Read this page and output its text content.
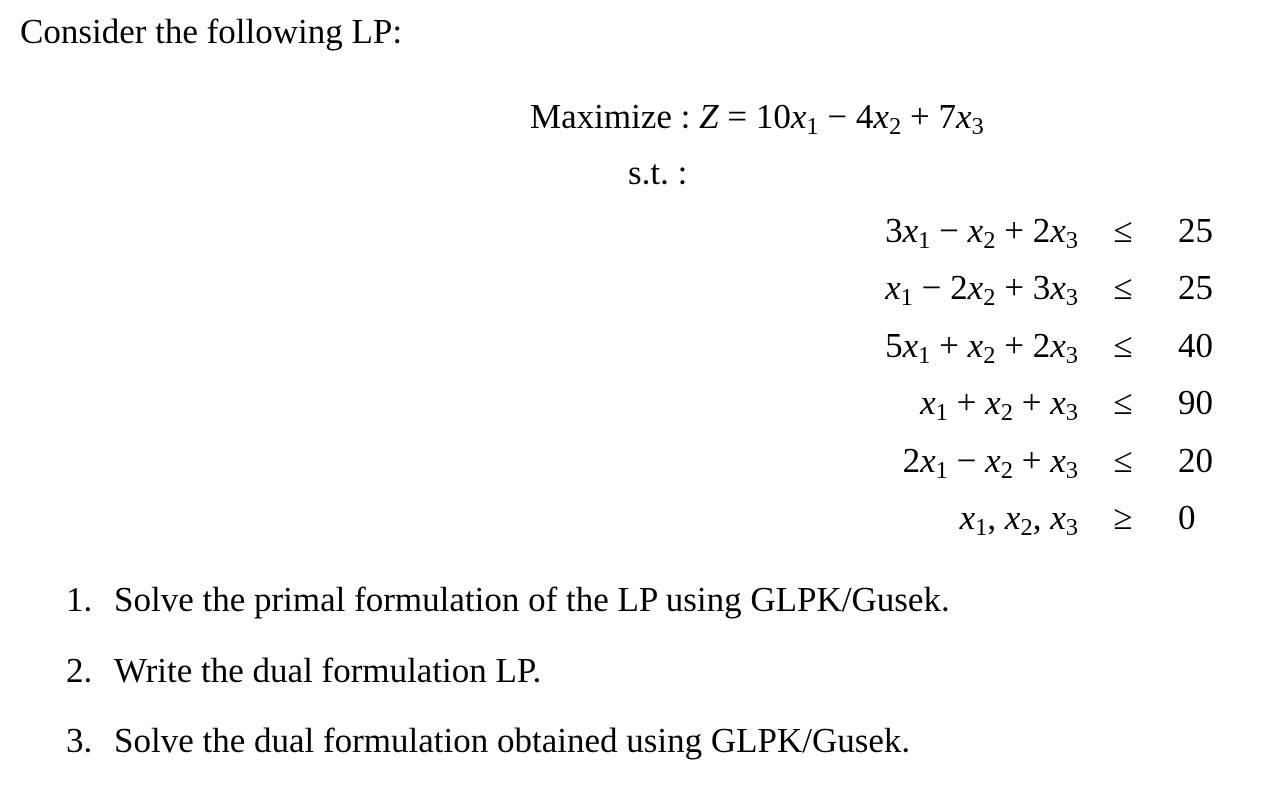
Consider the following LP:
Maximize : $Z = 10x_1 - 4x_2 + 7x_3$
s.t. :
$3x_1 - x_2 + 2x_3 \le 25$
$x_1 - 2x_2 + 3x_3 \le 25$
$5x_1 + x_2 + 2x_3 \le 40$
$x_1 + x_2 + x_3 \le 90$
$2x_1 - x_2 + x_3 \le 20$
$x_1$, $x_2$, $x_3 \ge 0$
1. Solve the primal formulation of the LP using GLPK/Gusek.
2. Write the dual formulation LP.
3. Solve the dual formulation obtained using GLPK/Gusek.
